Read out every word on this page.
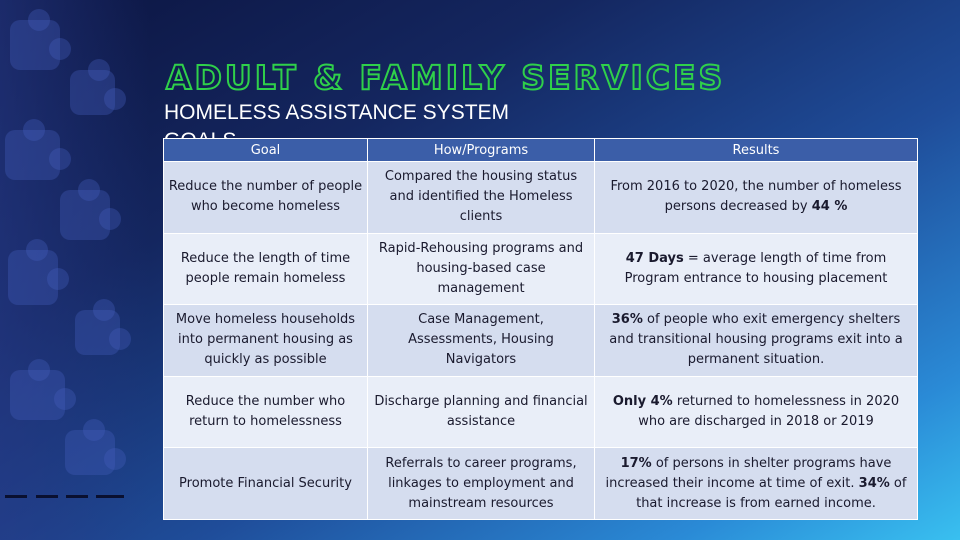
ADULT & FAMILY SERVICES
HOMELESS ASSISTANCE SYSTEM
Goal	How/Programs	Results
Reduce the number of people who become homeless	Compared the housing status and identified the Homeless clients	From 2016 to 2020, the number of homeless persons decreased by 44 %
Reduce the length of time people remain homeless	Rapid-Rehousing programs and housing-based case management	47 Days = average length of time from Program entrance to housing placement
Move homeless households into permanent housing as quickly as possible	Case Management, Assessments, Housing Navigators	36% of people who exit emergency shelters and transitional housing programs exit into a permanent situation.
Reduce the number who return to homelessness	Discharge planning and financial assistance	Only 4% returned to homelessness in 2020 who are discharged in 2018 or 2019
Promote Financial Security	Referrals to career programs, linkages to employment and mainstream resources	17% of persons in shelter programs have increased their income at time of exit. 34% of that increase is from earned income.
